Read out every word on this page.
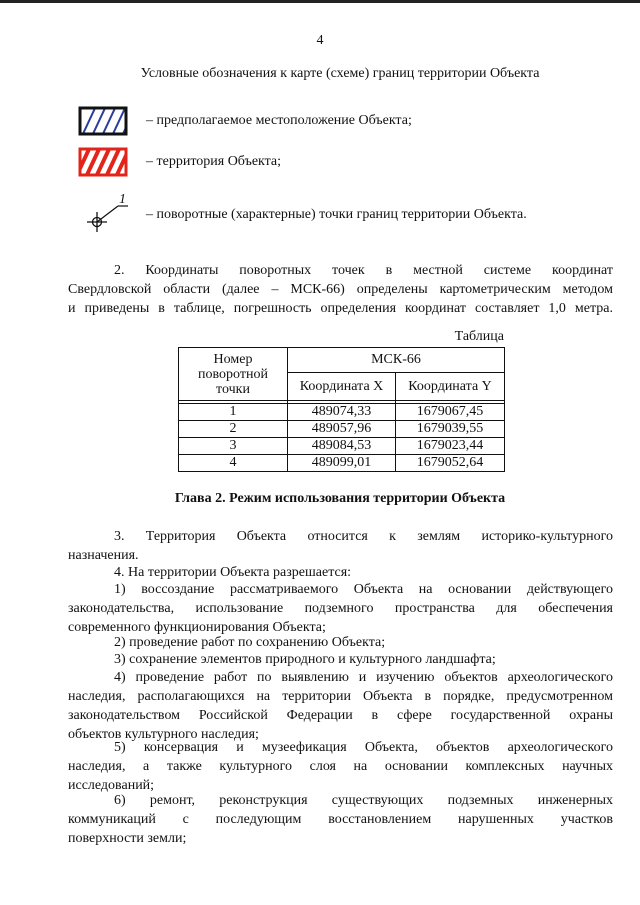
4
Условные обозначения к карте (схеме) границ территории Объекта
– предполагаемое местоположение Объекта;
– территория Объекта;
1
– поворотные (характерные) точки границ территории Объекта.
2. Координаты поворотных точек в местной системе координат
Свердловской области (далее – МСК-66) определены картометрическим методом
и приведены в таблице, погрешность определения координат составляет 1,0 метра.
Таблица
Номер
поворотной
точки	МСК-66	
	Координата X	Координата Y

1	489074,33	1679067,45
2	489057,96	1679039,55
3	489084,53	1679023,44
4	489099,01	1679052,64
Глава 2. Режим использования территории Объекта
3. Территория Объекта относится к землям историко-культурного
назначения.
4. На территории Объекта разрешается:
1) воссоздание рассматриваемого Объекта на основании действующего
законодательства, использование подземного пространства для обеспечения
современного функционирования Объекта;
2) проведение работ по сохранению Объекта;
3) сохранение элементов природного и культурного ландшафта;
4) проведение работ по выявлению и изучению объектов археологического
наследия, располагающихся на территории Объекта в порядке, предусмотренном
законодательством Российской Федерации в сфере государственной охраны
объектов культурного наследия;
5) консервация и музеефикация Объекта, объектов археологического
наследия, а также культурного слоя на основании комплексных научных
исследований;
6) ремонт, реконструкция существующих подземных инженерных
коммуникаций с последующим восстановлением нарушенных участков
поверхности земли;
